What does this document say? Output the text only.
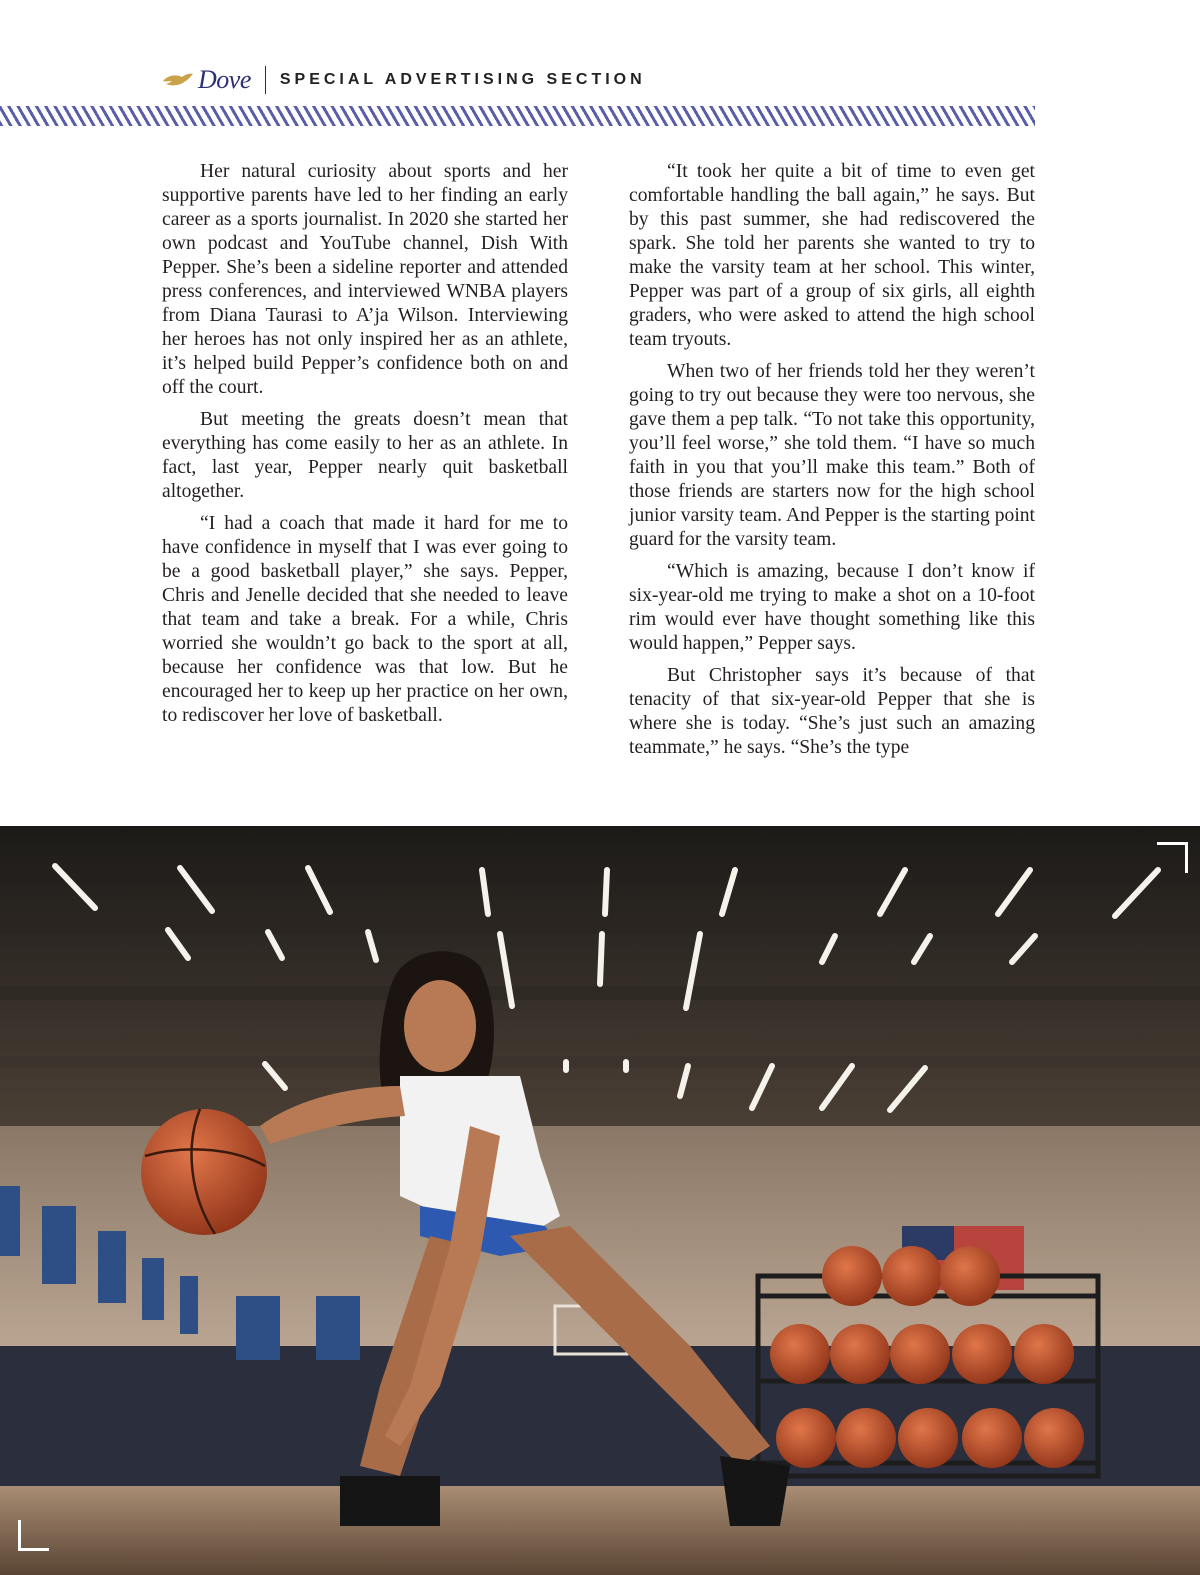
Dove SPECIAL ADVERTISING SECTION

Her natural curiosity about sports and her supportive parents have led to her finding an early career as a sports journalist. In 2020 she started her own podcast and YouTube channel, Dish With Pepper. She’s been a sideline reporter and attended press conferences, and interviewed WNBA players from Diana Taurasi to A’ja Wilson. Interviewing her heroes has not only inspired her as an athlete, it’s helped build Pepper’s confidence both on and off the court.

But meeting the greats doesn’t mean that everything has come easily to her as an athlete. In fact, last year, Pepper nearly quit basketball altogether.

“I had a coach that made it hard for me to have confidence in myself that I was ever going to be a good basketball player,” she says. Pepper, Chris and Jenelle decided that she needed to leave that team and take a break. For a while, Chris worried she wouldn’t go back to the sport at all, because her confidence was that low. But he encouraged her to keep up her practice on her own, to rediscover her love of basketball.

“It took her quite a bit of time to even get comfortable handling the ball again,” he says. But by this past summer, she had rediscovered the spark. She told her parents she wanted to try to make the varsity team at her school. This winter, Pepper was part of a group of six girls, all eighth graders, who were asked to attend the high school team tryouts.

When two of her friends told her they weren’t going to try out because they were too nervous, she gave them a pep talk. “To not take this opportunity, you’ll feel worse,” she told them. “I have so much faith in you that you’ll make this team.” Both of those friends are starters now for the high school junior varsity team. And Pepper is the starting point guard for the varsity team.

“Which is amazing, because I don’t know if six-year-old me trying to make a shot on a 10-foot rim would ever have thought something like this would happen,” Pepper says.

But Christopher says it’s because of that tenacity of that six-year-old Pepper that she is where she is today. “She’s just such an amazing teammate,” he says. “She’s the type
